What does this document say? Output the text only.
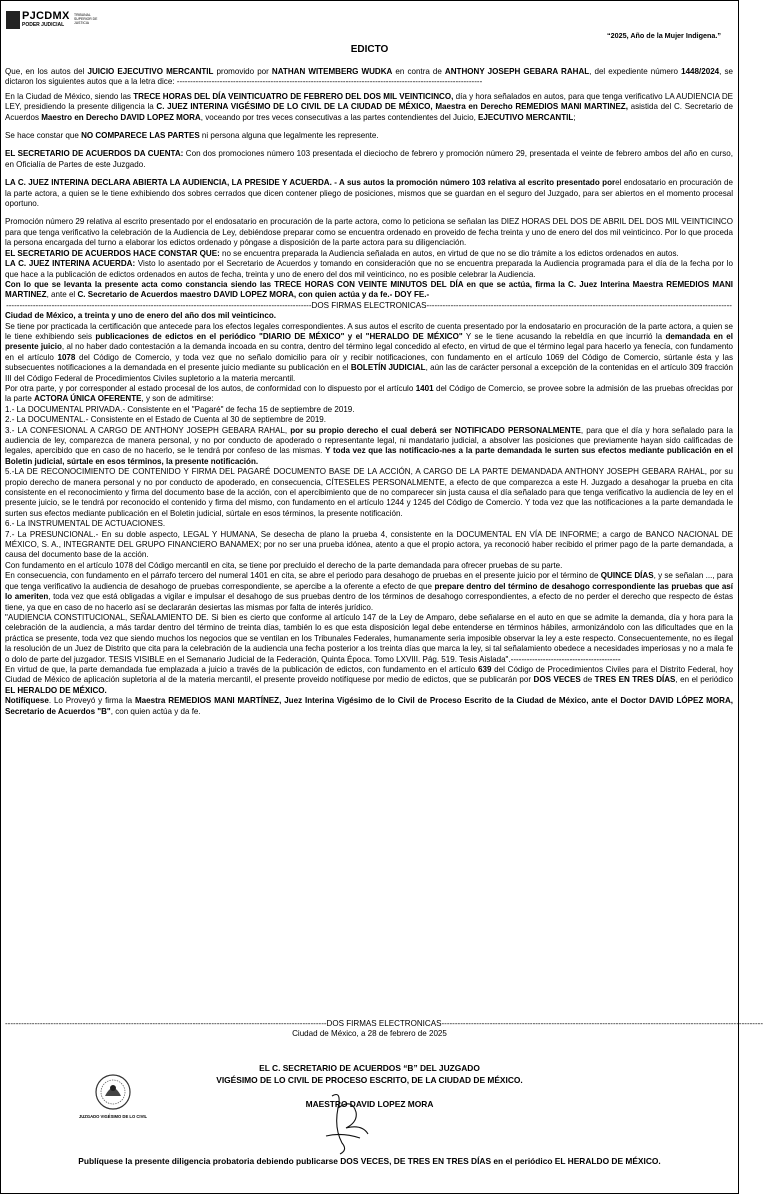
PJCDMX
PODER JUDICIAL
TRIBUNAL SUPERIOR DE JUSTICIA
“2025, Año de la Mujer Indigena.”
EDICTO

Que, en los autos del JUICIO EJECUTIVO MERCANTIL promovido por NATHAN WITEMBERG WUDKA en contra de ANTHONY JOSEPH GEBARA RAHAL, del expediente número 1448/2024, se dictaron los siguientes autos que a la letra dice: ------------------------------------------------------------------------------------------------------------------

En la Ciudad de México, siendo las TRECE HORAS DEL DÍA VEINTICUATRO DE FEBRERO DEL DOS MIL VEINTICINCO, día y hora señalados en autos, para que tenga verificativo LA AUDIENCIA DE LEY, presidiendo la presente diligencia la C. JUEZ INTERINA VIGÉSIMO DE LO CIVIL DE LA CIUDAD DE MÉXICO, Maestra en Derecho REMEDIOS MANI MARTINEZ, asistida del C. Secretario de Acuerdos Maestro en Derecho DAVID LOPEZ MORA, voceando por tres veces consecutivas a las partes contendientes del Juicio, EJECUTIVO MERCANTIL;

Se hace constar que NO COMPARECE LAS PARTES ni persona alguna que legalmente les represente.

EL SECRETARIO DE ACUERDOS DA CUENTA: Con dos promociones número 103 presentada el dieciocho de febrero y promoción número 29, presentada el veinte de febrero ambos del año en curso, en Oficialía de Partes de este Juzgado.

LA C. JUEZ INTERINA DECLARA ABIERTA LA AUDIENCIA, LA PRESIDE Y ACUERDA. - A sus autos la promoción número 103 relativa al escrito presentado porel endosatario en procuración de la parte actora, a quien se le tiene exhibiendo dos sobres cerrados que dicen contener pliego de posiciones, mismos que se guardan en el seguro del Juzgado, para ser abiertos en el momento procesal oportuno.

Promoción número 29 relativa al escrito presentado por el endosatario en procuración de la parte actora, como lo peticiona se señalan las DIEZ HORAS DEL DOS DE ABRIL DEL DOS MIL VEINTICINCO para que tenga verificativo la celebración de la Audiencia de Ley, debiéndose preparar como se encuentra ordenado en proveido de fecha treinta y uno de enero del dos mil veinticinco. Por lo que proceda la persona encargada del turno a elaborar los edictos ordenado y póngase a disposición de la parte actora para su diligenciación.

EL SECRETARIO DE ACUERDOS HACE CONSTAR QUE: no se encuentra preparada la Audiencia señalada en autos, en virtud de que no se dio trámite a los edictos ordenados en autos.

LA C. JUEZ INTERINA ACUERDA: Visto lo asentado por el Secretario de Acuerdos y tomando en consideración que no se encuentra preparada la Audiencia programada para el día de la fecha por lo que hace a la publicación de edictos ordenados en autos de fecha, treinta y uno de enero del dos mil veinticinco, no es posible celebrar la Audiencia.

Con lo que se levanta la presente acta como constancia siendo las TRECE HORAS CON VEINTE MINUTOS DEL DÍA en que se actúa, firma la C. Juez Interina Maestra REMEDIOS MANI MARTINEZ, ante el C. Secretario de Acuerdos maestro DAVID LOPEZ MORA, con quien actúa y da fe.- DOY FE.-

------------------------------------------------------------------------------------------------------------------DOS FIRMAS ELECTRONICAS------------------------------------------------------------------------------------------------------------------

Ciudad de México, a treinta y uno de enero del año dos mil veinticinco.

Se tiene por practicada la certificación que antecede para los efectos legales correspondientes. A sus autos el escrito de cuenta presentado por la endosatario en procuración de la parte actora, a quien se le tiene exhibiendo seis publicaciones de edictos en el periódico "DIARIO DE MÉXICO" y el "HERALDO DE MÉXICO" Y se le tiene acusando la rebeldía en que incurrió la demandada en el presente juicio, al no haber dado contestación a la demanda incoada en su contra, dentro del término legal concedido al efecto, en virtud de que el término legal para hacerlo ya fenecía, con fundamento en el artículo 1078 del Código de Comercio, y toda vez que no señalo domicilio para oír y recibir notificaciones, con fundamento en el artículo 1069 del Código de Comercio, súrtanle ésta y las subsecuentes notificaciones a la demandada en el presente juicio mediante su publicación en el BOLETÍN JUDICIAL, aún las de carácter personal a excepción de la contenidas en el artículo 309 fracción III del Código Federal de Procedimientos Civiles supletorio a la materia mercantil.

Por otra parte, y por corresponder al estado procesal de los autos, de conformidad con lo dispuesto por el artículo 1401 del Código de Comercio, se provee sobre la admisión de las pruebas ofrecidas por la parte ACTORA ÚNICA OFERENTE, y son de admitirse:

1.- La DOCUMENTAL PRIVADA.- Consistente en el "Pagaré" de fecha 15 de septiembre de 2019.

2.- La DOCUMENTAL.- Consistente en el Estado de Cuenta al 30 de septiembre de 2019.

3.- LA CONFESIONAL A CARGO DE ANTHONY JOSEPH GEBARA RAHAL, por su propio derecho el cual deberá ser NOTIFICADO PERSONALMENTE, para que el día y hora señalado para la audiencia de ley, comparezca de manera personal, y no por conducto de apoderado o representante legal, ni mandatario judicial, a absolver las posiciones que previamente hayan sido calificadas de legales, apercibido que en caso de no hacerlo, se le tendrá por confeso de las mismas. Y toda vez que las notificacio-nes a la parte demandada le surten sus efectos mediante publicación en el Boletin judicial, súrtale en esos términos, la presente notificación.

5.-LA DE RECONOCIMIENTO DE CONTENIDO Y FIRMA DEL PAGARÉ DOCUMENTO BASE DE LA ACCIÓN, A CARGO DE LA PARTE DEMANDADA ANTHONY JOSEPH GEBARA RAHAL, por su propio derecho de manera personal y no por conducto de apoderado, en consecuencia, CÍTESELES PERSONALMENTE, a efecto de que comparezca a este H. Juzgado a desahogar la prueba en cita consistente en el reconocimiento y firma del documento base de la acción, con el apercibimiento que de no comparecer sin justa causa el día señalado para que tenga verificativo la audiencia de ley en el presente juicio, se le tendrá por reconocido el contenido y firma del mismo, con fundamento en el artículo 1244 y 1245 del Código de Comercio. Y toda vez que las notificaciones a la parte demandada le surten sus efectos mediante publicación en el Boletin judicial, súrtale en esos términos, la presente notificación.

6.- La INSTRUMENTAL DE ACTUACIONES.

7.- La PRESUNCIONAL.- En su doble aspecto, LEGAL Y HUMANA, Se desecha de plano la prueba 4, consistente en la DOCUMENTAL EN VÍA DE INFORME; a cargo de BANCO NACIONAL DE MÉXICO, S. A., INTEGRANTE DEL GRUPO FINANCIERO BANAMEX; por no ser una prueba idónea, atento a que el propio actora, ya reconoció haber recibido el primer pago de la parte demandada, a causa del documento base de la acción.

Con fundamento en el artículo 1078 del Código mercantil en cita, se tiene por precluido el derecho de la parte demandada para ofrecer pruebas de su parte.

En consecuencia, con fundamento en el párrafo tercero del numeral 1401 en cita, se abre el periodo para desahogo de pruebas en el presente juicio por el término de QUINCE DÍAS, y se señalan ..., para que tenga verificativo la audiencia de desahogo de pruebas correspondiente, se apercibe a la oferente a efecto de que prepare dentro del término de desahogo correspondiente las pruebas que así lo ameriten, toda vez que está obligadas a vigilar e impulsar el desahogo de sus pruebas dentro de los términos de desahogo correspondientes, a efecto de no perder el derecho que respecto de éstas tiene, ya que en caso de no hacerlo así se declararán desiertas las mismas por falta de interés jurídico.

"AUDIENCIA CONSTITUCIONAL, SEÑALAMIENTO DE. Si bien es cierto que conforme al artículo 147 de la Ley de Amparo, debe señalarse en el auto en que se admite la demanda, día y hora para la celebración de la audiencia, a más tardar dentro del término de treinta días, también lo es que esta disposición legal debe entenderse en términos hábiles, armonizándolo con las dificultades que en la práctica se presente, toda vez que siendo muchos los negocios que se ventilan en los Tribunales Federales, humanamente seria imposible observar la ley a este respecto. Consecuentemente, no es ilegal la resolución de un Juez de Distrito que cita para la celebración de la audiencia una fecha posterior a los treinta días que marca la ley, si tal señalamiento obedece a necesidades imperiosas y no a mala fe o dolo de parte del juzgador. TESIS VISIBLE en el Semanario Judicial de la Federación, Quinta Época. Tomo LXVIII. Pág. 519. Tesis Aislada".-----------------------------------------

En virtud de que, la parte demandada fue emplazada a juicio a través de la publicación de edictos, con fundamento en el artículo 639 del Código de Procedimientos Civiles para el Distrito Federal, hoy Ciudad de México de aplicación supletoria al de la materia mercantil, el presente proveido notifíquese por medio de edictos, que se publicarán por DOS VECES de TRES EN TRES DÍAS, en el periódico EL HERALDO DE MÉXICO.

Notifíquese. Lo Proveyó y firma la Maestra REMEDIOS MANI MARTÍNEZ, Juez Interina Vigésimo de lo Civil de Proceso Escrito de la Ciudad de México, ante el Doctor DAVID LÓPEZ MORA, Secretario de Acuerdos "B", con quien actúa y da fe.

------------------------------------------------------------------------------------------------------------------------DOS FIRMAS ELECTRONICAS------------------------------------------------------------------------------------------------------------------------
Ciudad de México, a 28 de febrero de 2025
EL C. SECRETARIO DE ACUERDOS “B” DEL JUZGADO
VIGÉSIMO DE LO CIVIL DE PROCESO ESCRITO, DE LA CIUDAD DE MÉXICO.
JUZGADO VIGÉSIMO DE LO CIVIL
MAESTRO DAVID LOPEZ MORA
Publíquese la presente diligencia probatoria debiendo publicarse DOS VECES, DE TRES EN TRES DÍAS en el periódico EL HERALDO DE MÉXICO.
